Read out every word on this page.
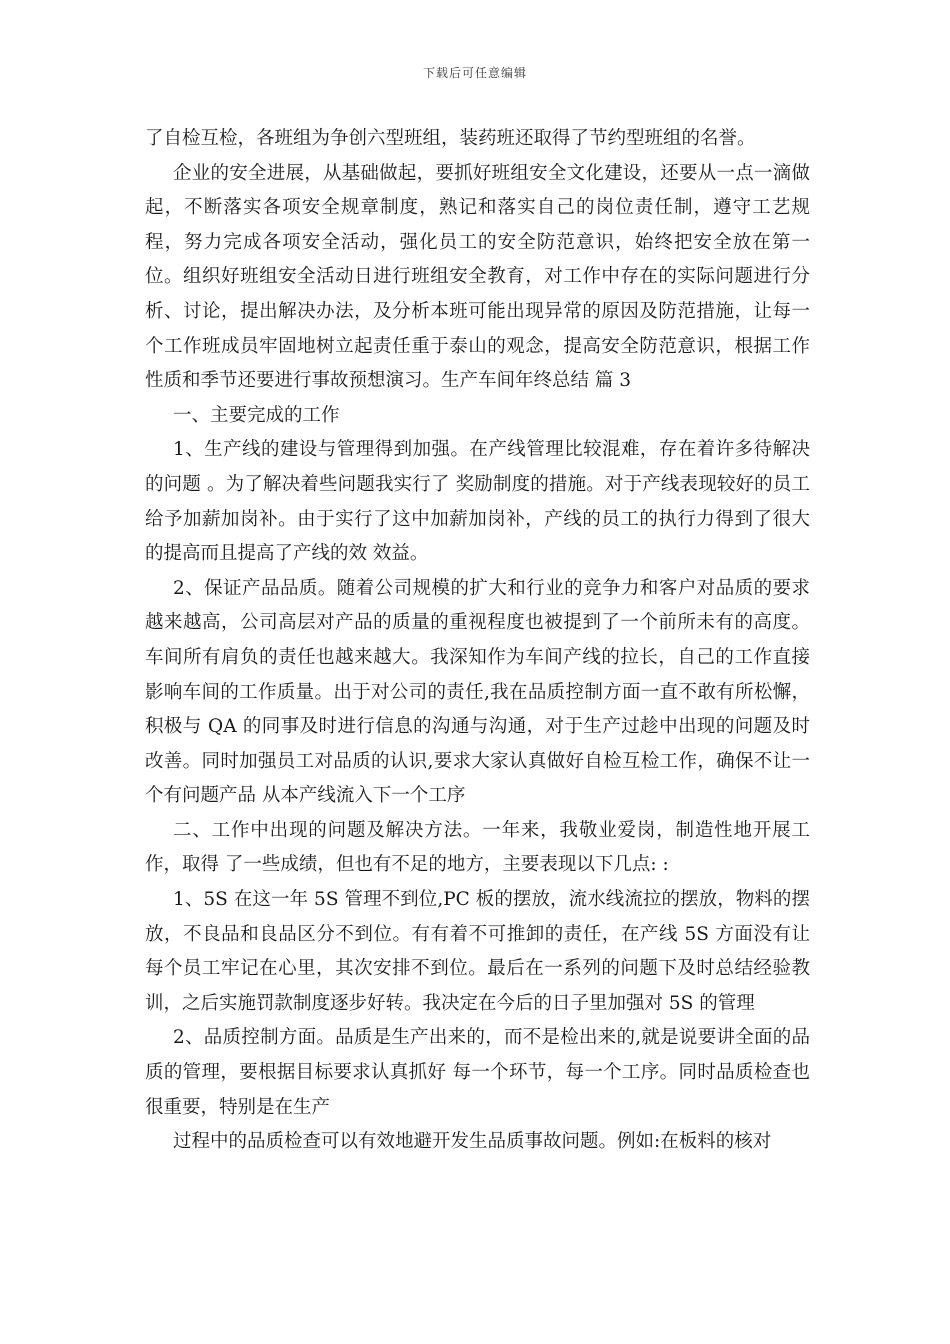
下载后可任意编辑

了自检互检，各班组为争创六型班组，装药班还取得了节约型班组的名誉。

企业的安全进展，从基础做起，要抓好班组安全文化建设，还要从一点一滴做起，不断落实各项安全规章制度，熟记和落实自己的岗位责任制，遵守工艺规程，努力完成各项安全活动，强化员工的安全防范意识，始终把安全放在第一位。组织好班组安全活动日进行班组安全教育，对工作中存在的实际问题进行分析、讨论，提出解决办法，及分析本班可能出现异常的原因及防范措施，让每一个工作班成员牢固地树立起责任重于泰山的观念，提高安全防范意识，根据工作性质和季节还要进行事故预想演习。生产车间年终总结 篇 3

一、主要完成的工作

1、生产线的建设与管理得到加强。在产线管理比较混难，存在着许多待解决的问题 。为了解决着些问题我实行了 奖励制度的措施。对于产线表现较好的员工给予加薪加岗补。由于实行了这中加薪加岗补，产线的员工的执行力得到了很大的提高而且提高了产线的效 效益。

2、保证产品品质。随着公司规模的扩大和行业的竞争力和客户对品质的要求越来越高，公司高层对产品的质量的重视程度也被提到了一个前所未有的高度。车间所有肩负的责任也越来越大。我深知作为车间产线的拉长，自己的工作直接影响车间的工作质量。出于对公司的责任,我在品质控制方面一直不敢有所松懈，积极与 QA 的同事及时进行信息的沟通与沟通，对于生产过趁中出现的问题及时改善。同时加强员工对品质的认识,要求大家认真做好自检互检工作，确保不让一个有问题产品 从本产线流入下一个工序

二、工作中出现的问题及解决方法。一年来，我敬业爱岗，制造性地开展工作，取得 了一些成绩，但也有不足的地方，主要表现以下几点: :

1、5S 在这一年 5S 管理不到位,PC 板的摆放，流水线流拉的摆放，物料的摆放，不良品和良品区分不到位。有有着不可推卸的责任，在产线 5S 方面没有让每个员工牢记在心里，其次安排不到位。最后在一系列的问题下及时总结经验教训，之后实施罚款制度逐步好转。我决定在今后的日子里加强对 5S 的管理

2、品质控制方面。品质是生产出来的，而不是检出来的,就是说要讲全面的品质的管理，要根据目标要求认真抓好 每一个环节，每一个工序。同时品质检查也很重要，特别是在生产

过程中的品质检查可以有效地避开发生品质事故问题。例如:在板料的核对
